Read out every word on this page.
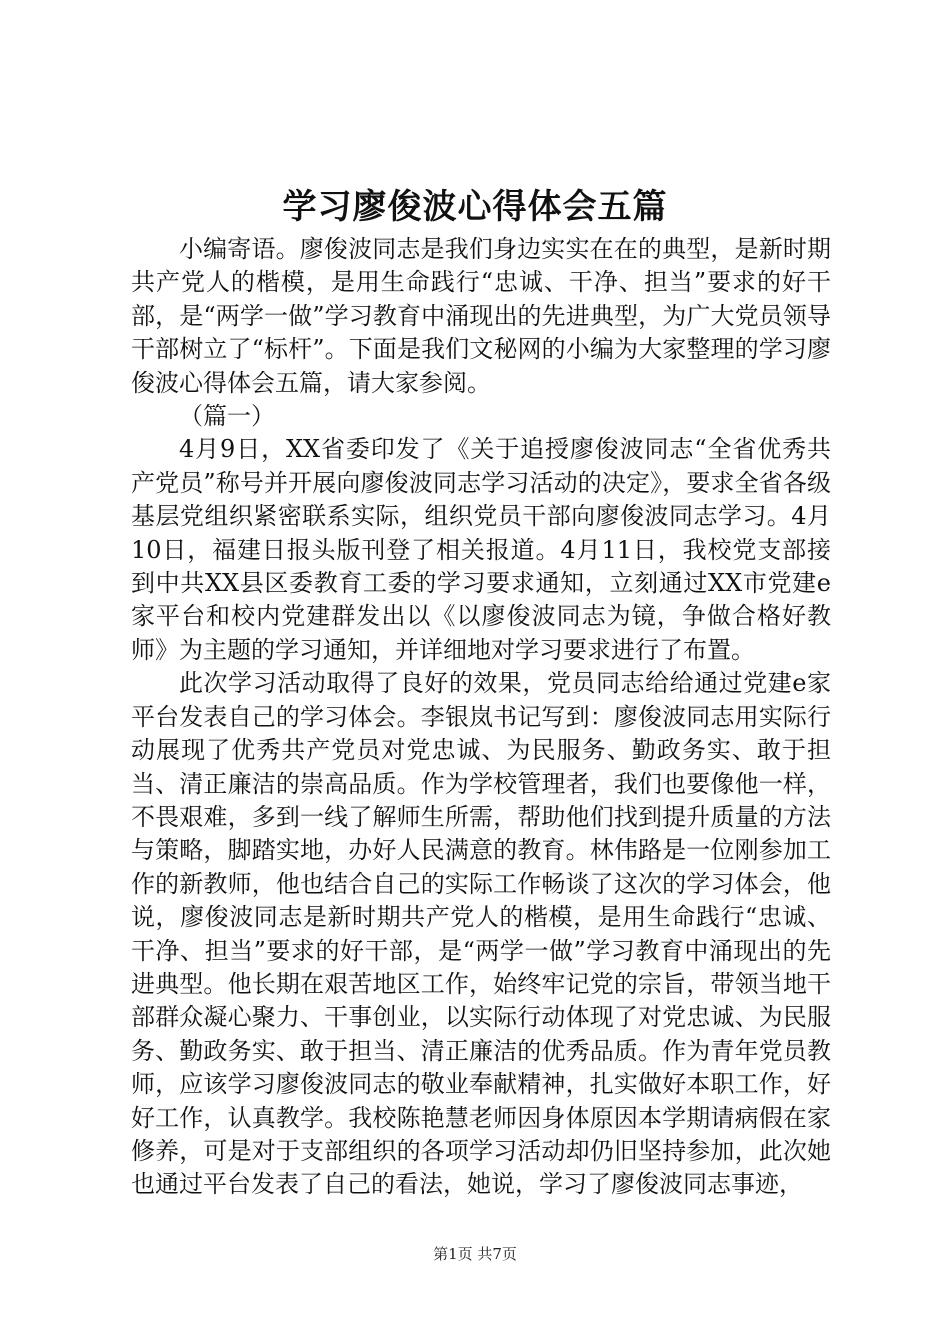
学习廖俊波心得体会五篇

小编寄语。廖俊波同志是我们身边实实在在的典型，是新时期共产党人的楷模，是用生命践行“忠诚、干净、担当”要求的好干部，是“两学一做”学习教育中涌现出的先进典型，为广大党员领导干部树立了“标杆”。下面是我们文秘网的小编为大家整理的学习廖俊波心得体会五篇，请大家参阅。

（篇一）

4月9日，XX省委印发了《关于追授廖俊波同志“全省优秀共产党员”称号并开展向廖俊波同志学习活动的决定》，要求全省各级基层党组织紧密联系实际，组织党员干部向廖俊波同志学习。4月10日，福建日报头版刊登了相关报道。4月11日，我校党支部接到中共XX县区委教育工委的学习要求通知，立刻通过XX市党建e家平台和校内党建群发出以《以廖俊波同志为镜，争做合格好教师》为主题的学习通知，并详细地对学习要求进行了布置。

此次学习活动取得了良好的效果，党员同志给给通过党建e家平台发表自己的学习体会。李银岚书记写到：廖俊波同志用实际行动展现了优秀共产党员对党忠诚、为民服务、勤政务实、敢于担当、清正廉洁的崇高品质。作为学校管理者，我们也要像他一样，不畏艰难，多到一线了解师生所需，帮助他们找到提升质量的方法与策略，脚踏实地，办好人民满意的教育。林伟路是一位刚参加工作的新教师，他也结合自己的实际工作畅谈了这次的学习体会，他说，廖俊波同志是新时期共产党人的楷模，是用生命践行“忠诚、干净、担当”要求的好干部，是“两学一做”学习教育中涌现出的先进典型。他长期在艰苦地区工作，始终牢记党的宗旨，带领当地干部群众凝心聚力、干事创业，以实际行动体现了对党忠诚、为民服务、勤政务实、敢于担当、清正廉洁的优秀品质。作为青年党员教师，应该学习廖俊波同志的敬业奉献精神，扎实做好本职工作，好好工作，认真教学。我校陈艳慧老师因身体原因本学期请病假在家修养，可是对于支部组织的各项学习活动却仍旧坚持参加，此次她也通过平台发表了自己的看法，她说，学习了廖俊波同志事迹，

第1页 共7页
